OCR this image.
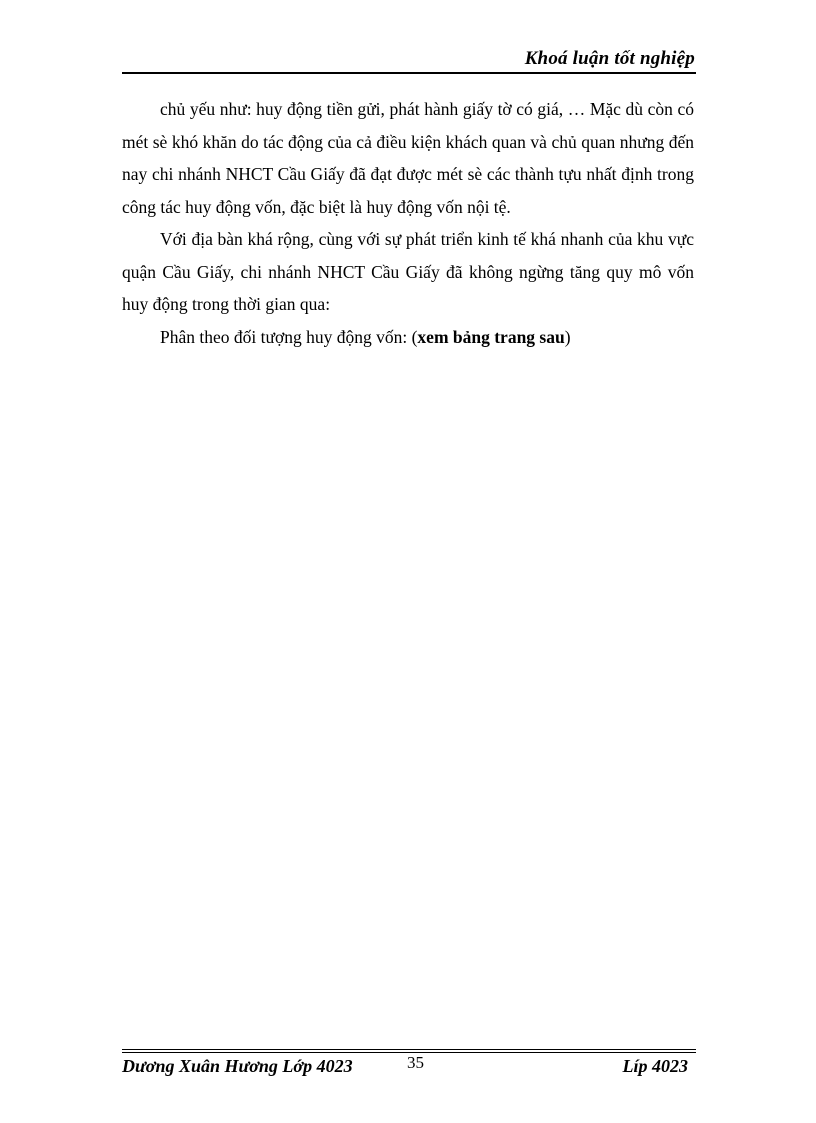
Khoá luận tốt nghiệp

chủ yếu như: huy động tiền gửi, phát hành giấy tờ có giá, … Mặc dù còn có mét sè khó khăn do tác động của cả điều kiện khách quan và chủ quan nhưng đến nay chi nhánh NHCT Cầu Giấy đã đạt được mét sè các thành tựu nhất định trong công tác huy động vốn, đặc biệt là huy động vốn nội tệ.

Với địa bàn khá rộng, cùng với sự phát triển kinh tế khá nhanh của khu vực quận Cầu Giấy, chi nhánh NHCT Cầu Giấy đã không ngừng tăng quy mô vốn huy động trong thời gian qua:

Phân theo đối tượng huy động vốn: (xem bảng trang sau)

Dương Xuân Hương Lớp 4023	35	Líp 4023
